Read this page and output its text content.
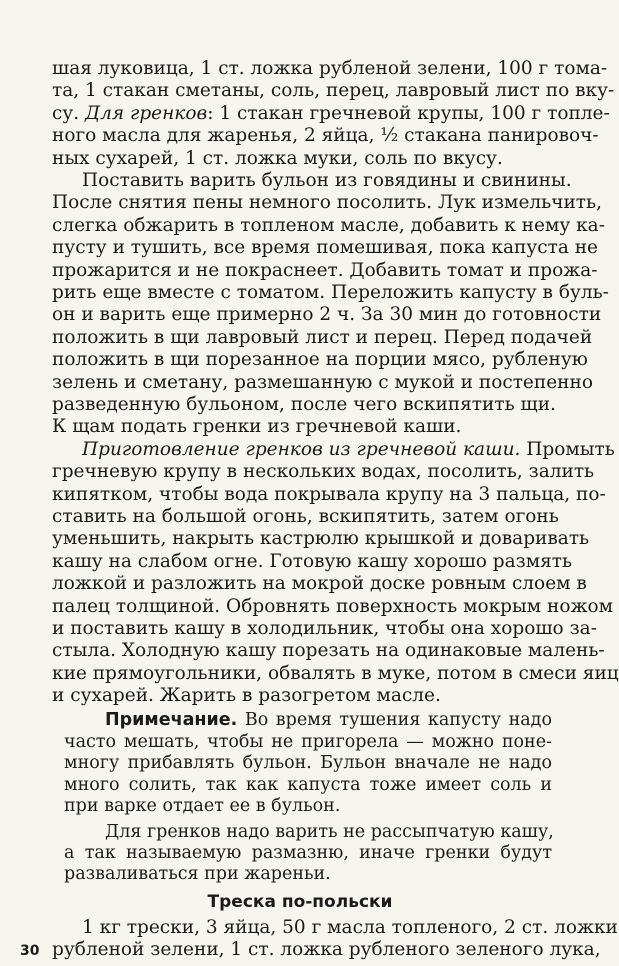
шая луковица, 1 ст. ложка рубленой зелени, 100 г тома-
та, 1 стакан сметаны, соль, перец, лавровый лист по вку-
су. Для гренков: 1 стакан гречневой крупы, 100 г топле-
ного масла для жаренья, 2 яйца, ½ стакана панировоч-
ных сухарей, 1 ст. ложка муки, соль по вкусу.
Поставить варить бульон из говядины и свинины.
После снятия пены немного посолить. Лук измельчить,
слегка обжарить в топленом масле, добавить к нему ка-
пусту и тушить, все время помешивая, пока капуста не
прожарится и не покраснеет. Добавить томат и прожа-
рить еще вместе с томатом. Переложить капусту в буль-
он и варить еще примерно 2 ч. За 30 мин до готовности
положить в щи лавровый лист и перец. Перед подачей
положить в щи порезанное на порции мясо, рубленую
зелень и сметану, размешанную с мукой и постепенно
разведенную бульоном, после чего вскипятить щи.
К щам подать гренки из гречневой каши.
Приготовление гренков из гречневой каши. Промыть
гречневую крупу в нескольких водах, посолить, залить
кипятком, чтобы вода покрывала крупу на 3 пальца, по-
ставить на большой огонь, вскипятить, затем огонь
уменьшить, накрыть кастрюлю крышкой и доваривать
кашу на слабом огне. Готовую кашу хорошо размять
ложкой и разложить на мокрой доске ровным слоем в
палец толщиной. Обровнять поверхность мокрым ножом
и поставить кашу в холодильник, чтобы она хорошо за-
стыла. Холодную кашу порезать на одинаковые малень-
кие прямоугольники, обвалять в муке, потом в смеси яиц
и сухарей. Жарить в разогретом масле.
Примечание. Во время тушения капусту надо
часто мешать, чтобы не пригорела — можно поне-
многу прибавлять бульон. Бульон вначале не надо
много солить, так как капуста тоже имеет соль и
при варке отдает ее в бульон.
Для гренков надо варить не рассыпчатую кашу,
а так называемую размазню, иначе гренки будут
разваливаться при жареньи.
Треска по-польски
1 кг трески, 3 яйца, 50 г масла топленого, 2 ст. ложки
рубленой зелени, 1 ст. ложка рубленого зеленого лука,
30
